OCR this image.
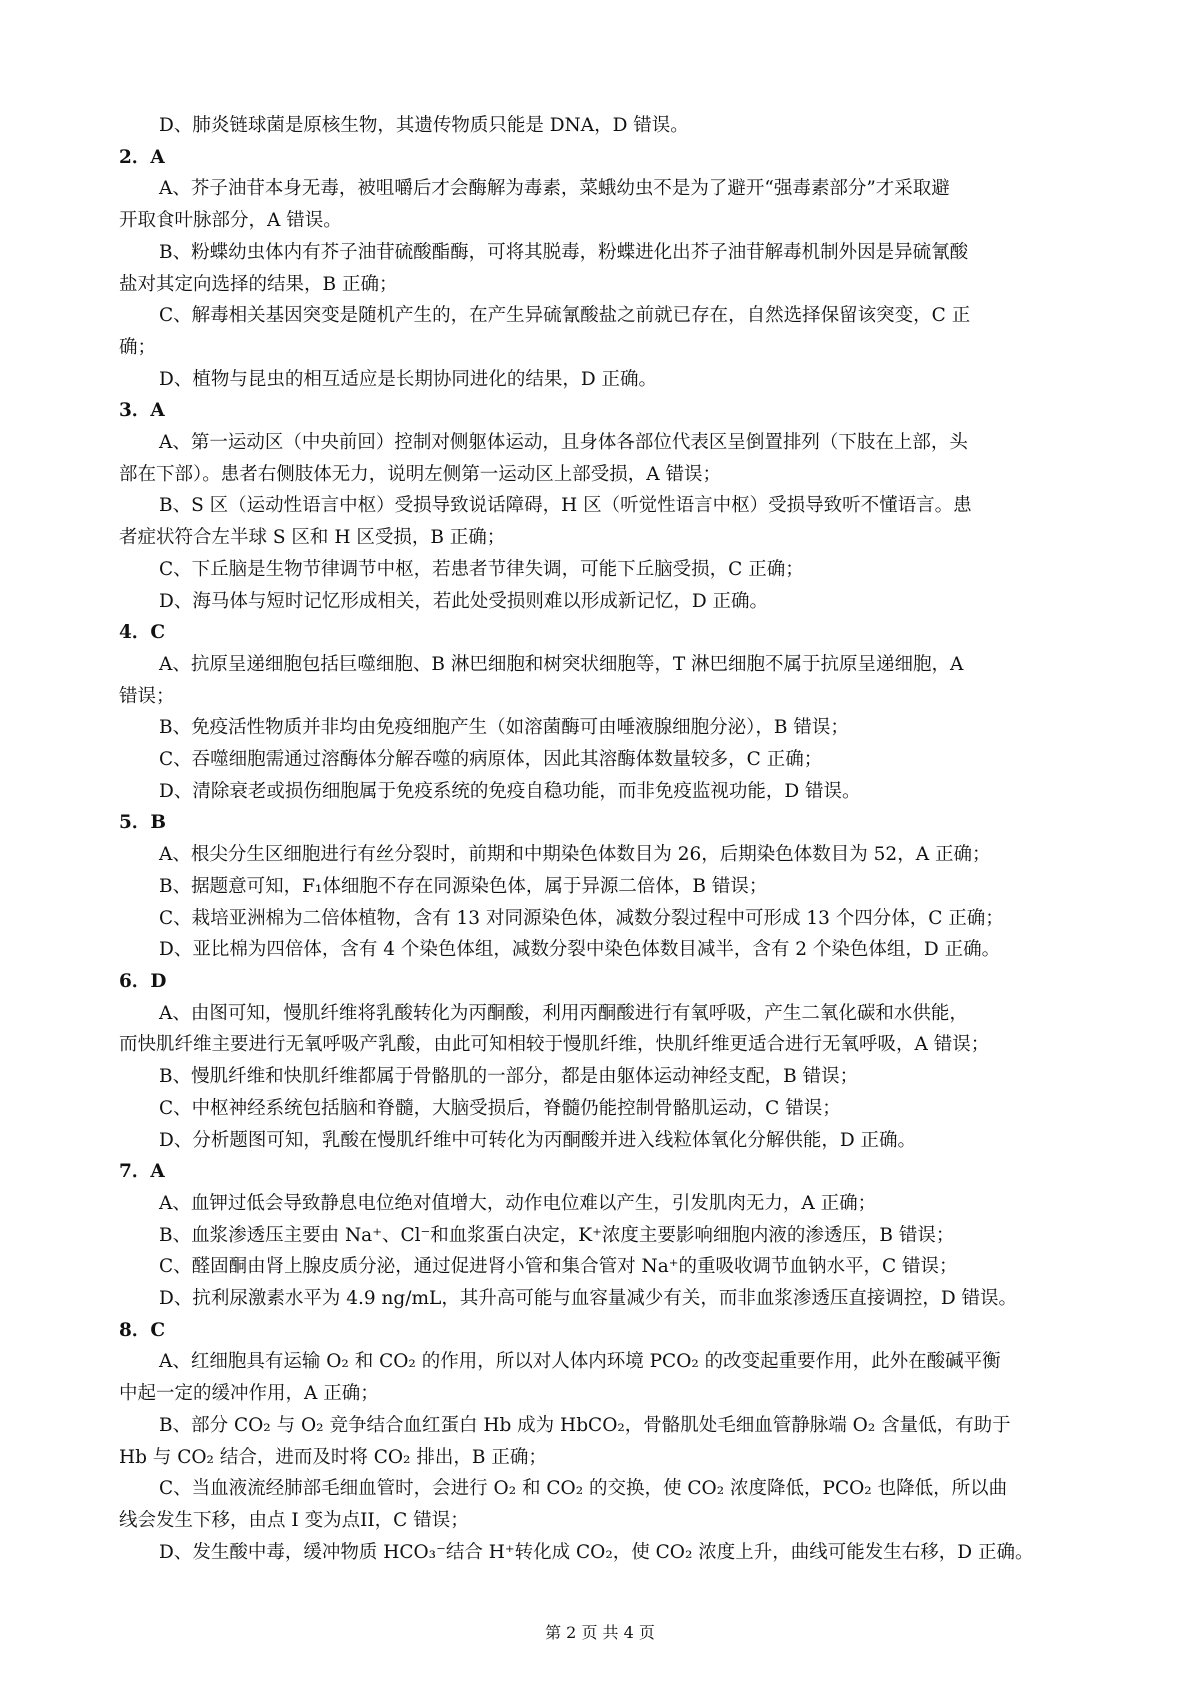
D、肺炎链球菌是原核生物，其遗传物质只能是 DNA，D 错误。
2．A
A、芥子油苷本身无毒，被咀嚼后才会酶解为毒素，菜蛾幼虫不是为了避开“强毒素部分”才采取避
开取食叶脉部分，A 错误。
B、粉蝶幼虫体内有芥子油苷硫酸酯酶，可将其脱毒，粉蝶进化出芥子油苷解毒机制外因是异硫氰酸
盐对其定向选择的结果，B 正确；
C、解毒相关基因突变是随机产生的，在产生异硫氰酸盐之前就已存在，自然选择保留该突变，C 正
确；
D、植物与昆虫的相互适应是长期协同进化的结果，D 正确。
3．A
A、第一运动区（中央前回）控制对侧躯体运动，且身体各部位代表区呈倒置排列（下肢在上部，头
部在下部）。患者右侧肢体无力，说明左侧第一运动区上部受损，A 错误；
B、S 区（运动性语言中枢）受损导致说话障碍，H 区（听觉性语言中枢）受损导致听不懂语言。患
者症状符合左半球 S 区和 H 区受损，B 正确；
C、下丘脑是生物节律调节中枢，若患者节律失调，可能下丘脑受损，C 正确；
D、海马体与短时记忆形成相关，若此处受损则难以形成新记忆，D 正确。
4．C
A、抗原呈递细胞包括巨噬细胞、B 淋巴细胞和树突状细胞等，T 淋巴细胞不属于抗原呈递细胞，A
错误；
B、免疫活性物质并非均由免疫细胞产生（如溶菌酶可由唾液腺细胞分泌），B 错误；
C、吞噬细胞需通过溶酶体分解吞噬的病原体，因此其溶酶体数量较多，C 正确；
D、清除衰老或损伤细胞属于免疫系统的免疫自稳功能，而非免疫监视功能，D 错误。
5．B
A、根尖分生区细胞进行有丝分裂时，前期和中期染色体数目为 26，后期染色体数目为 52，A 正确；
B、据题意可知，F₁体细胞不存在同源染色体，属于异源二倍体，B 错误；
C、栽培亚洲棉为二倍体植物，含有 13 对同源染色体，减数分裂过程中可形成 13 个四分体，C 正确；
D、亚比棉为四倍体，含有 4 个染色体组，减数分裂中染色体数目减半，含有 2 个染色体组，D 正确。
6．D
A、由图可知，慢肌纤维将乳酸转化为丙酮酸，利用丙酮酸进行有氧呼吸，产生二氧化碳和水供能，
而快肌纤维主要进行无氧呼吸产乳酸，由此可知相较于慢肌纤维，快肌纤维更适合进行无氧呼吸，A 错误；
B、慢肌纤维和快肌纤维都属于骨骼肌的一部分，都是由躯体运动神经支配，B 错误；
C、中枢神经系统包括脑和脊髓，大脑受损后，脊髓仍能控制骨骼肌运动，C 错误；
D、分析题图可知，乳酸在慢肌纤维中可转化为丙酮酸并进入线粒体氧化分解供能，D 正确。
7．A
A、血钾过低会导致静息电位绝对值增大，动作电位难以产生，引发肌肉无力，A 正确；
B、血浆渗透压主要由 Na⁺、Cl⁻和血浆蛋白决定，K⁺浓度主要影响细胞内液的渗透压，B 错误；
C、醛固酮由肾上腺皮质分泌，通过促进肾小管和集合管对 Na⁺的重吸收调节血钠水平，C 错误；
D、抗利尿激素水平为 4.9 ng/mL，其升高可能与血容量减少有关，而非血浆渗透压直接调控，D 错误。
8．C
A、红细胞具有运输 O₂ 和 CO₂ 的作用，所以对人体内环境 PCO₂ 的改变起重要作用，此外在酸碱平衡
中起一定的缓冲作用，A 正确；
B、部分 CO₂ 与 O₂ 竞争结合血红蛋白 Hb 成为 HbCO₂，骨骼肌处毛细血管静脉端 O₂ 含量低，有助于
Hb 与 CO₂ 结合，进而及时将 CO₂ 排出，B 正确；
C、当血液流经肺部毛细血管时，会进行 O₂ 和 CO₂ 的交换，使 CO₂ 浓度降低，PCO₂ 也降低，所以曲
线会发生下移，由点 I 变为点II，C 错误；
D、发生酸中毒，缓冲物质 HCO₃⁻结合 H⁺转化成 CO₂，使 CO₂ 浓度上升，曲线可能发生右移，D 正确。
第 2 页 共 4 页
